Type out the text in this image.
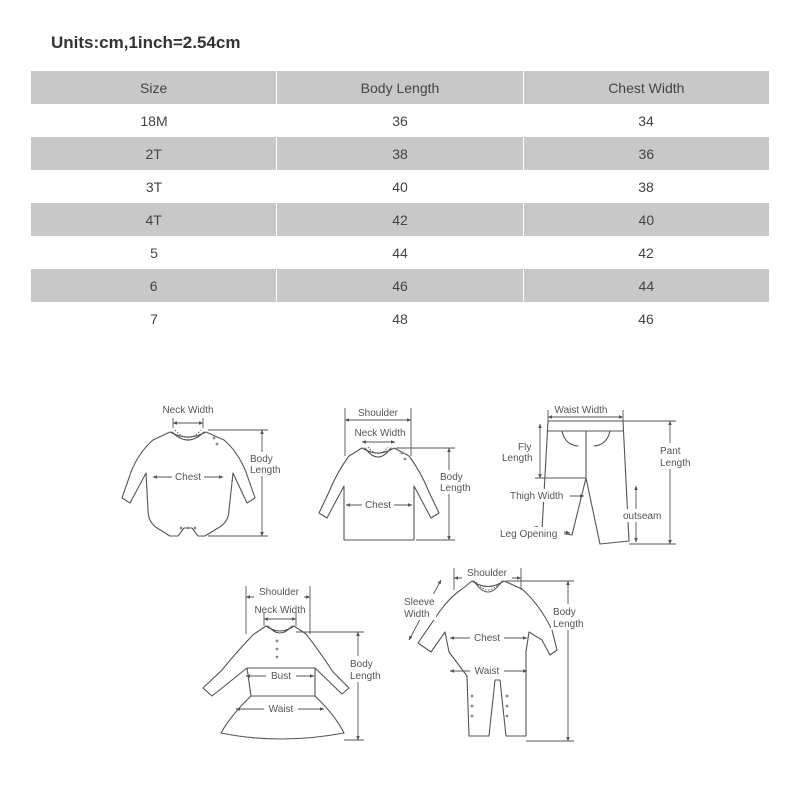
Units:cm,1inch=2.54cm
Size	Body Length	Chest Width
18M	36	34
2T	38	36
3T	40	38
4T	42	40
5	44	42
6	46	44
7	48	46
Neck Width
Chest
Body
Length
Shoulder
Neck Width
Chest
Body
Length
Waist Width
Fly
Length
Pant
Length
Thigh Width
outseam
Leg Opening
Shoulder
Neck Width
Bust
Waist
Body
Length
Shoulder
Sleeve
Width
Chest
Waist
Body
Length
